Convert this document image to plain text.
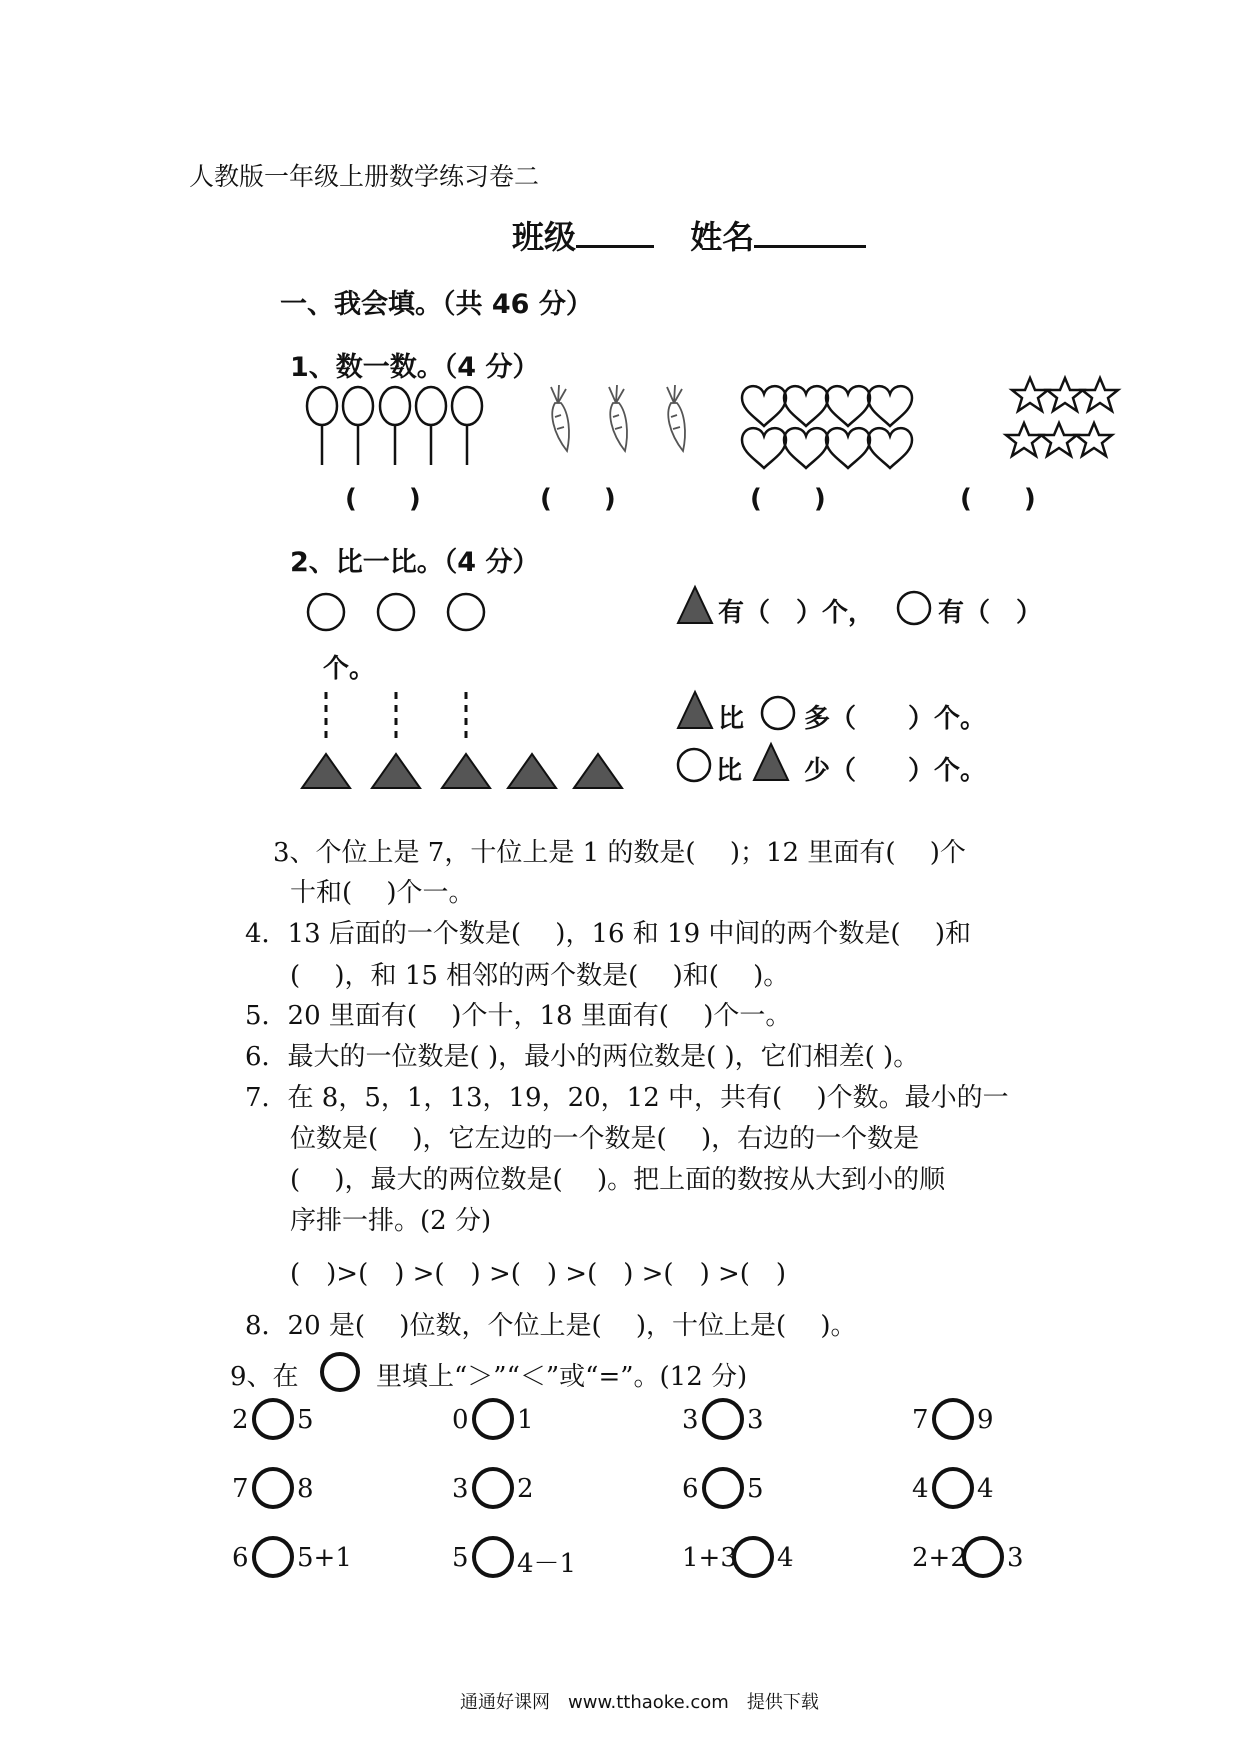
人教版一年级上册数学练习卷二
班级	姓名
一、我会填。（共 46 分）
1、数一数。（4 分）
(　　)	(　　)	(　　)	(　　)
2、比一比。（4 分）
有（　）个， 有（　）
个。
比 多（　　）个。
比 少（　　）个。
3、个位上是 7，十位上是 1 的数是(　 )；12 里面有(　 )个
十和(　 )个一。
4．13 后面的一个数是(　 )，16 和 19 中间的两个数是(　 )和
(　 )，和 15 相邻的两个数是(　 )和(　 )。
5．20 里面有(　 )个十，18 里面有(　 )个一。
6．最大的一位数是( )，最小的两位数是( )，它们相差( )。
7．在 8，5，1，13，19，20，12 中，共有(　 )个数。最小的一
位数是(　 )，它左边的一个数是(　 )，右边的一个数是
(　 )，最大的两位数是(　 )。把上面的数按从大到小的顺
序排一排。(2 分)
(　)>(　) >(　) >(　) >(　) >(　) >(　)
8．20 是(　 )位数，个位上是(　 )，十位上是(　 )。
9、在	里填上“＞”“＜”或“=”。(12 分)
2 5	0 1	3 3	7 9
7 8	3 2	6 5	4 4
6 5+1	5 4－1	1+3 4	2+2 3
通通好课网　www.tthaoke.com　提供下载
